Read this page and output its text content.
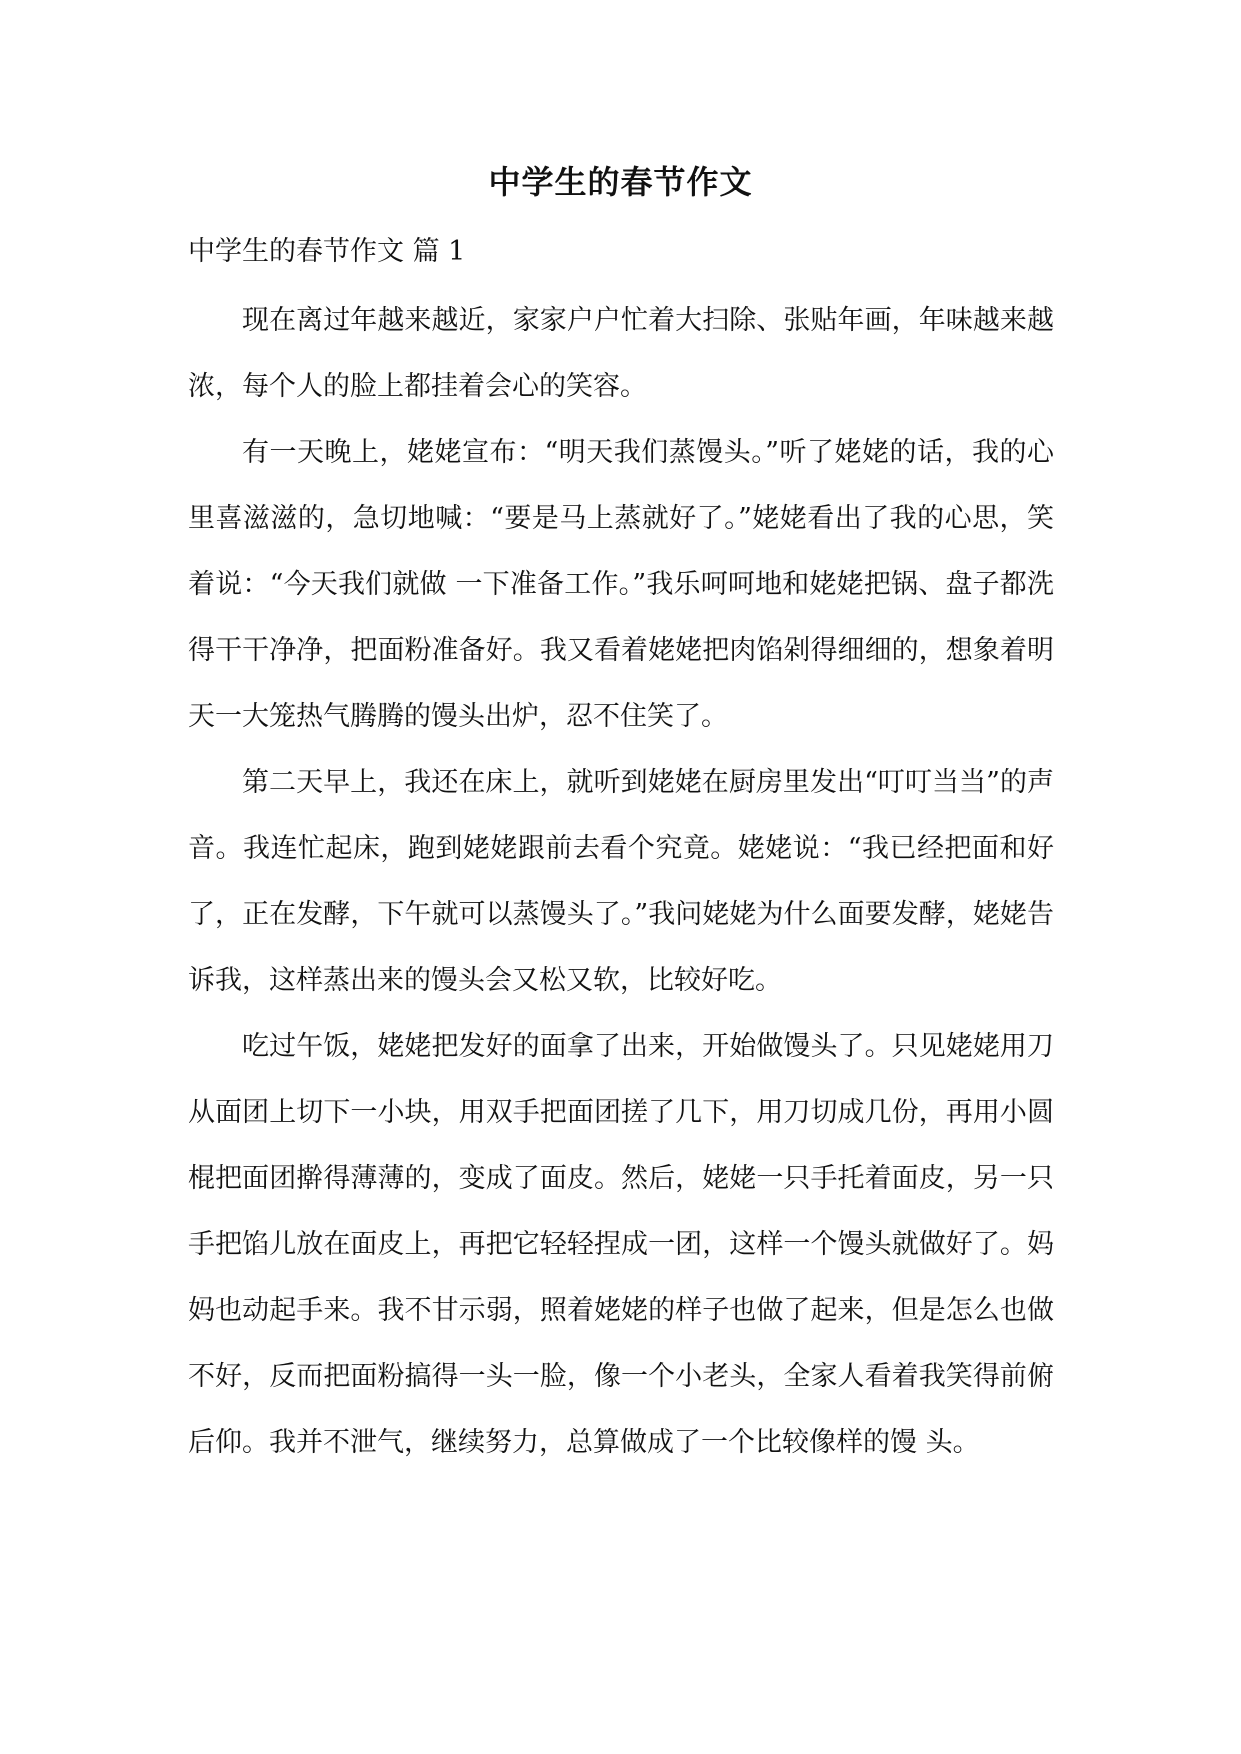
中学生的春节作文
中学生的春节作文 篇 1

现在离过年越来越近，家家户户忙着大扫除、张贴年画，年味越来越浓，每个人的脸上都挂着会心的笑容。

有一天晚上，姥姥宣布：“明天我们蒸馒头。”听了姥姥的话，我的心里喜滋滋的，急切地喊：“要是马上蒸就好了。”姥姥看出了我的心思，笑着说：“今天我们就做 一下准备工作。”我乐呵呵地和姥姥把锅、盘子都洗得干干净净，把面粉准备好。我又看着姥姥把肉馅剁得细细的，想象着明天一大笼热气腾腾的馒头出炉，忍不住笑了。

第二天早上，我还在床上，就听到姥姥在厨房里发出“叮叮当当”的声音。我连忙起床，跑到姥姥跟前去看个究竟。姥姥说：“我已经把面和好了，正在发酵，下午就可以蒸馒头了。”我问姥姥为什么面要发酵，姥姥告诉我，这样蒸出来的馒头会又松又软，比较好吃。

吃过午饭，姥姥把发好的面拿了出来，开始做馒头了。只见姥姥用刀从面团上切下一小块，用双手把面团搓了几下，用刀切成几份，再用小圆棍把面团擀得薄薄的，变成了面皮。然后，姥姥一只手托着面皮，另一只手把馅儿放在面皮上，再把它轻轻捏成一团，这样一个馒头就做好了。妈妈也动起手来。我不甘示弱，照着姥姥的样子也做了起来，但是怎么也做不好，反而把面粉搞得一头一脸，像一个小老头，全家人看着我笑得前俯后仰。我并不泄气，继续努力，总算做成了一个比较像样的馒 头。
